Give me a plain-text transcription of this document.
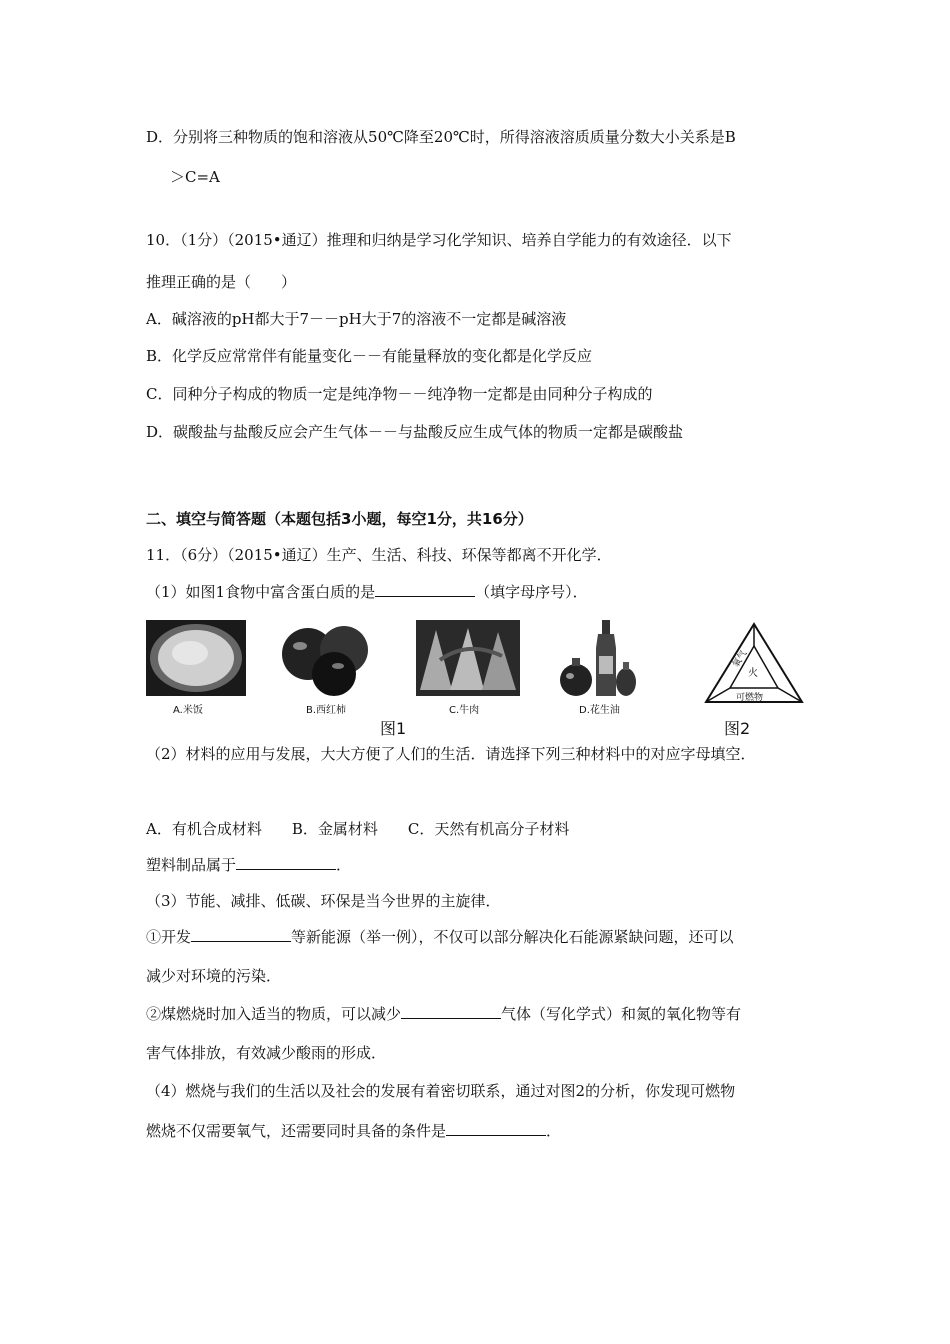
D．分别将三种物质的饱和溶液从50℃降至20℃时，所得溶液溶质质量分数大小关系是B
＞C=A
10．（1分）（2015•通辽）推理和归纳是学习化学知识、培养自学能力的有效途径．以下
推理正确的是（　　）
A．碱溶液的pH都大于7－－pH大于7的溶液不一定都是碱溶液
B．化学反应常常伴有能量变化－－有能量释放的变化都是化学反应
C．同种分子构成的物质一定是纯净物－－纯净物一定都是由同种分子构成的
D．碳酸盐与盐酸反应会产生气体－－与盐酸反应生成气体的物质一定都是碳酸盐
二、填空与简答题（本题包括3小题，每空1分，共16分）
11．（6分）（2015•通辽）生产、生活、科技、环保等都离不开化学．
（1）如图1食物中富含蛋白质的是	（填字母序号）．
A.米饭	B.西红柿	C.牛肉	D.花生油
氧气
火
可燃物
图1	图2
（2）材料的应用与发展，大大方便了人们的生活．请选择下列三种材料中的对应字母填空．
A．有机合成材料　　B．金属材料　　C．天然有机高分子材料
塑料制品属于	．
（3）节能、减排、低碳、环保是当今世界的主旋律．
①开发	等新能源（举一例），不仅可以部分解决化石能源紧缺问题，还可以
减少对环境的污染．
②煤燃烧时加入适当的物质，可以减少	气体（写化学式）和氮的氧化物等有
害气体排放，有效减少酸雨的形成．
（4）燃烧与我们的生活以及社会的发展有着密切联系，通过对图2的分析，你发现可燃物
燃烧不仅需要氧气，还需要同时具备的条件是	．
